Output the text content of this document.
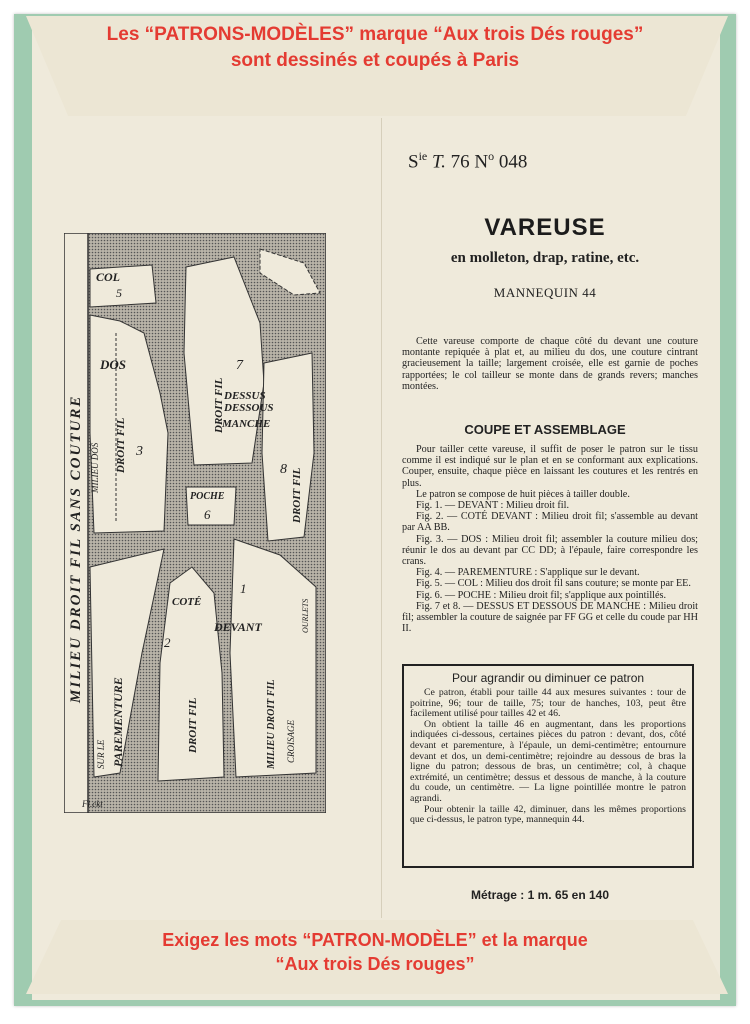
Les “PATRONS-MODÈLES” marque “Aux trois Dés rouges”
sont dessinés et coupés à Paris
MILIEU DROIT FIL SANS COUTURE
COL
5
DOS
DROIT FIL
MILIEU DOS	3
DROIT FIL
7
DESSUS
DESSOUS
MANCHE
8 DROIT FIL
POCHE
6
PAREMENTURE
SUR LE
COTÉ
2
DROIT FIL
DEVANT
1
MILIEU DROIT FIL CROISAGE
OURLETS
Fl.ckt
$S^{ie}$ T. 76 $N^o$ 048
VAREUSE
en molleton, drap, ratine, etc.
MANNEQUIN 44

Cette vareuse comporte de chaque côté du devant une couture montante repiquée à plat et, au milieu du dos, une couture cintrant gracieusement la taille; largement croisée, elle est garnie de poches rapportées; le col tailleur se monte dans de grands revers; manches montées.

COUPE ET ASSEMBLAGE

Pour tailler cette vareuse, il suffit de poser le patron sur le tissu comme il est indiqué sur le plan et en se conformant aux explications. Couper, ensuite, chaque pièce en laissant les coutures et les rentrés en plus.

Le patron se compose de huit pièces à tailler double.

Fig. 1. — DEVANT : Milieu droit fil.

Fig. 2. — COTÉ DEVANT : Milieu droit fil; s'assemble au devant par AA BB.

Fig. 3. — DOS : Milieu droit fil; assembler la couture milieu dos; réunir le dos au devant par CC DD; à l'épaule, faire correspondre les crans.

Fig. 4. — PAREMENTURE : S'applique sur le devant.

Fig. 5. — COL : Milieu dos droit fil sans couture; se monte par EE.

Fig. 6. — POCHE : Milieu droit fil; s'applique aux pointillés.

Fig. 7 et 8. — DESSUS ET DESSOUS DE MANCHE : Milieu droit fil; assembler la couture de saignée par FF GG et celle du coude par HH II.

Pour agrandir ou diminuer ce patron

Ce patron, établi pour taille 44 aux mesures suivantes : tour de poitrine, 96; tour de taille, 75; tour de hanches, 103, peut être facilement utilisé pour tailles 42 et 46.

On obtient la taille 46 en augmentant, dans les proportions indiquées ci-dessous, certaines pièces du patron : devant, dos, côté devant et parementure, à l'épaule, un demi-centimètre; entournure devant et dos, un demi-centimètre; rejoindre au dessous de bras la ligne du patron; dessous de bras, un centimètre; col, à chaque extrémité, un centimètre; dessus et dessous de manche, à la couture du coude, un centimètre. — La ligne pointillée montre le patron agrandi.

Pour obtenir la taille 42, diminuer, dans les mêmes proportions que ci-dessus, le patron type, mannequin 44.

Métrage : 1 m. 65 en 140
Exigez les mots “PATRON-MODÈLE” et la marque
“Aux trois Dés rouges”
